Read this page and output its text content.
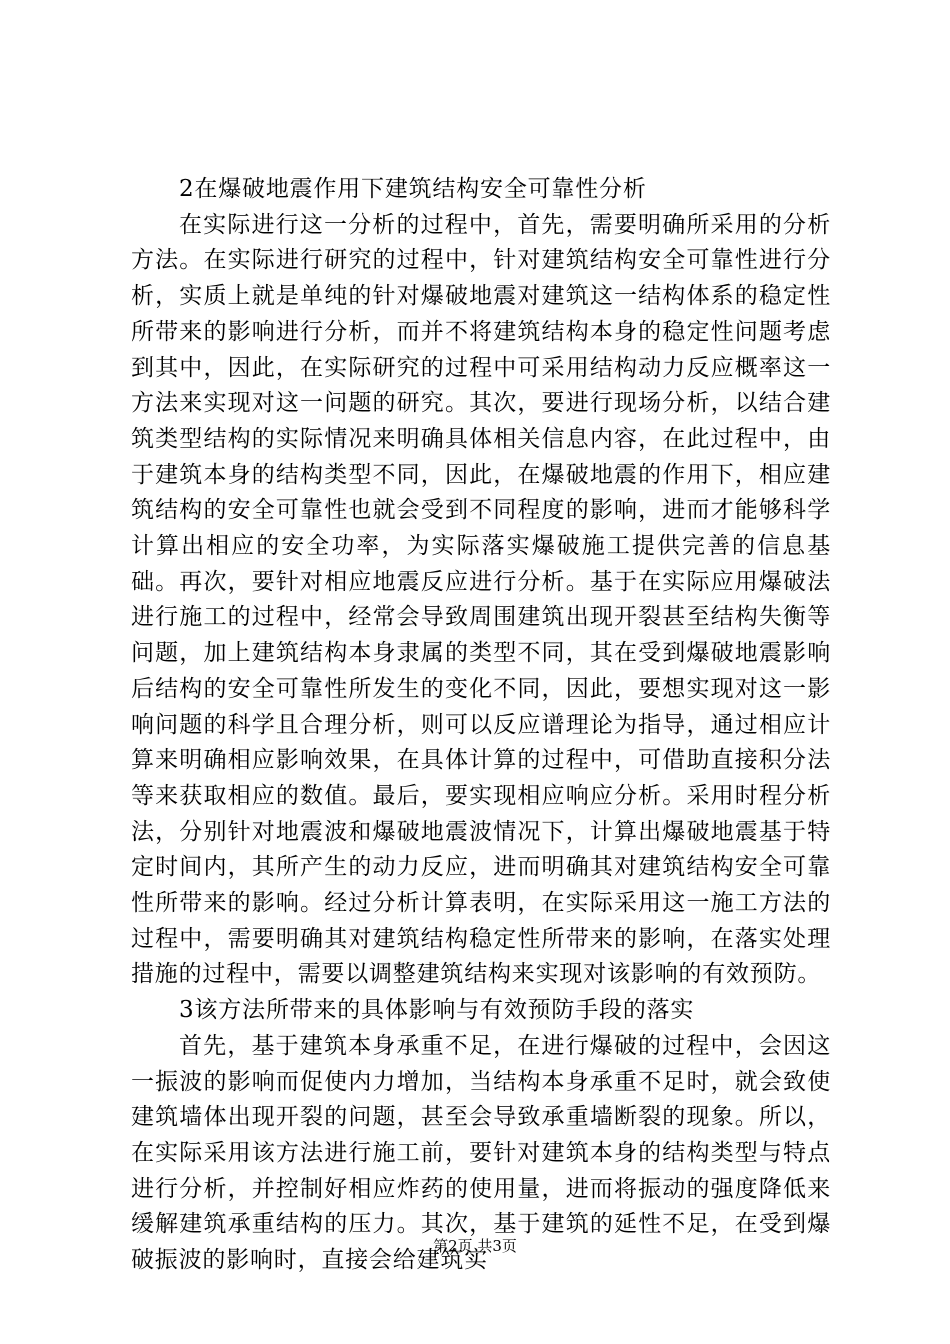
2在爆破地震作用下建筑结构安全可靠性分析

在实际进行这一分析的过程中，首先，需要明确所采用的分析方法。在实际进行研究的过程中，针对建筑结构安全可靠性进行分析，实质上就是单纯的针对爆破地震对建筑这一结构体系的稳定性所带来的影响进行分析，而并不将建筑结构本身的稳定性问题考虑到其中，因此，在实际研究的过程中可采用结构动力反应概率这一方法来实现对这一问题的研究。其次，要进行现场分析，以结合建筑类型结构的实际情况来明确具体相关信息内容，在此过程中，由于建筑本身的结构类型不同，因此，在爆破地震的作用下，相应建筑结构的安全可靠性也就会受到不同程度的影响，进而才能够科学计算出相应的安全功率，为实际落实爆破施工提供完善的信息基础。再次，要针对相应地震反应进行分析。基于在实际应用爆破法进行施工的过程中，经常会导致周围建筑出现开裂甚至结构失衡等问题，加上建筑结构本身隶属的类型不同，其在受到爆破地震影响后结构的安全可靠性所发生的变化不同，因此，要想实现对这一影响问题的科学且合理分析，则可以反应谱理论为指导，通过相应计算来明确相应影响效果，在具体计算的过程中，可借助直接积分法等来获取相应的数值。最后，要实现相应响应分析。采用时程分析法，分别针对地震波和爆破地震波情况下，计算出爆破地震基于特定时间内，其所产生的动力反应，进而明确其对建筑结构安全可靠性所带来的影响。经过分析计算表明，在实际采用这一施工方法的过程中，需要明确其对建筑结构稳定性所带来的影响，在落实处理措施的过程中，需要以调整建筑结构来实现对该影响的有效预防。

3该方法所带来的具体影响与有效预防手段的落实

首先，基于建筑本身承重不足，在进行爆破的过程中，会因这一振波的影响而促使内力增加，当结构本身承重不足时，就会致使建筑墙体出现开裂的问题，甚至会导致承重墙断裂的现象。所以，在实际采用该方法进行施工前，要针对建筑本身的结构类型与特点进行分析，并控制好相应炸药的使用量，进而将振动的强度降低来缓解建筑承重结构的压力。其次，基于建筑的延性不足，在受到爆破振波的影响时，直接会给建筑实

第2页 共3页
